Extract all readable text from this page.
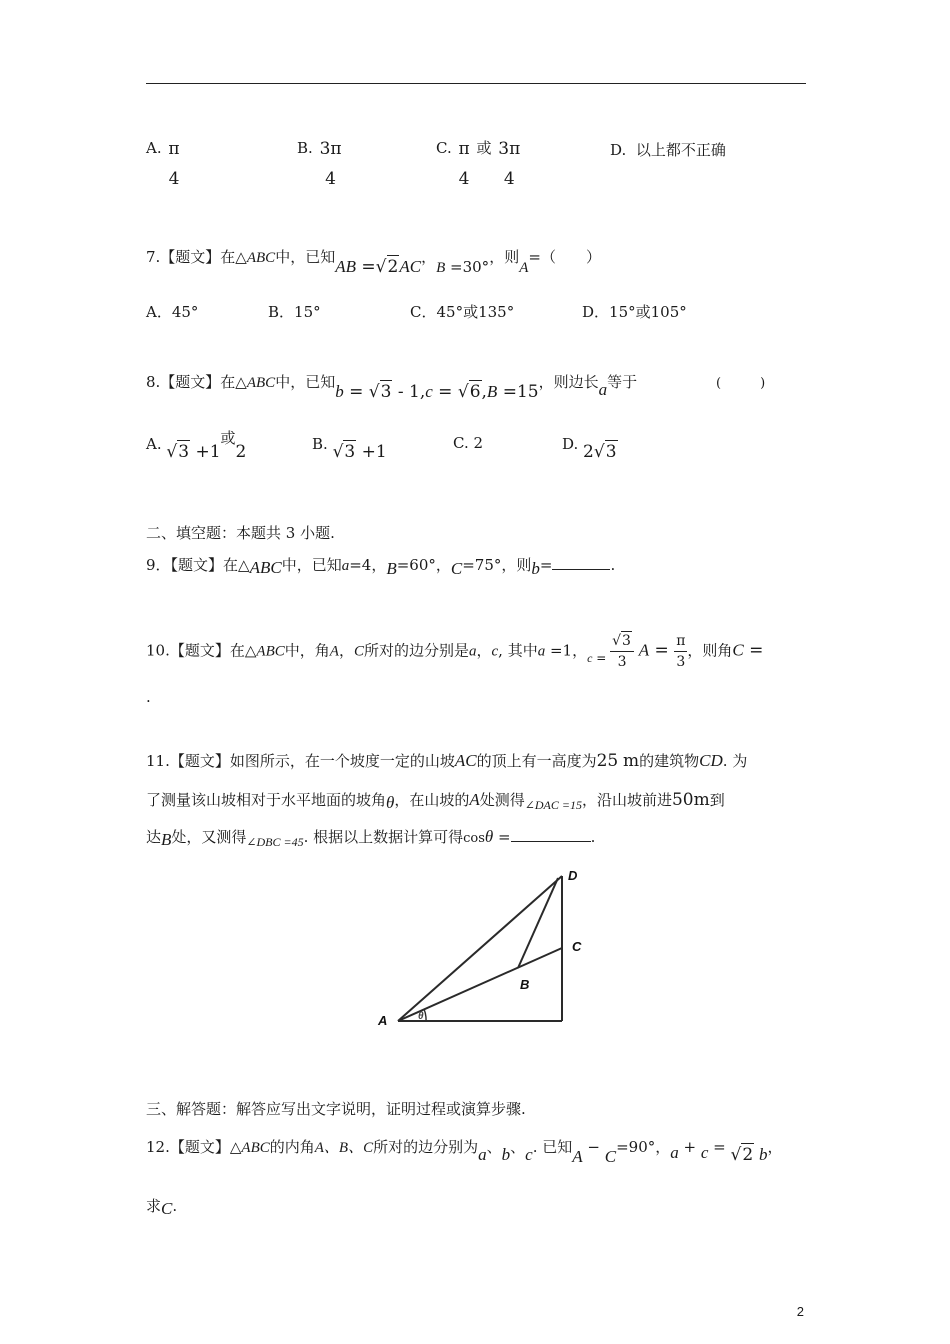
A. π
4
B. 3π
4
C. π
4
或 3π
4
D. 以上都不正确
7.【题文】在△ABC中，已知AB =√2AC，B =30°，则A=（　　）
A．45°	B．15°	C．45°或135°	D．15°或105°
8.【题文】在△ABC中，已知b = √3 - 1,c = √6,B =15，则边长a等于	(　　　)
A. √3 +1或2	B. √3 +1	C. 2	D. 2√3
二、填空题：本题共 3 小题.
9．【题文】在△ABC中，已知a=4，B=60°，C=75°，则b=	.
10.【题文】在△ABC中，角A，C所对的边分别是a，c, 其中a =1，$_{c =} \frac{√3}{3}$ $A = \frac{\pi}{3}$ ，则角C =
.
11.【题文】如图所示，在一个坡度一定的山坡AC的顶上有一高度为25 m的建筑物CD. 为
了测量该山坡相对于水平地面的坡角θ，在山坡的A处测得$_{\angle DAC =15}$，沿山坡前进50m到
达B处，又测得$_{\angle DBC =45}$. 根据以上数据计算可得cosθ =	.
A
B
C
D
θ
三、解答题：解答应写出文字说明，证明过程或演算步骤.
12.【题文】△ABC的内角A、B、C所对的边分别为a、b、c. 已知A − C=90°，a + c = √2 b，
求C.
2
